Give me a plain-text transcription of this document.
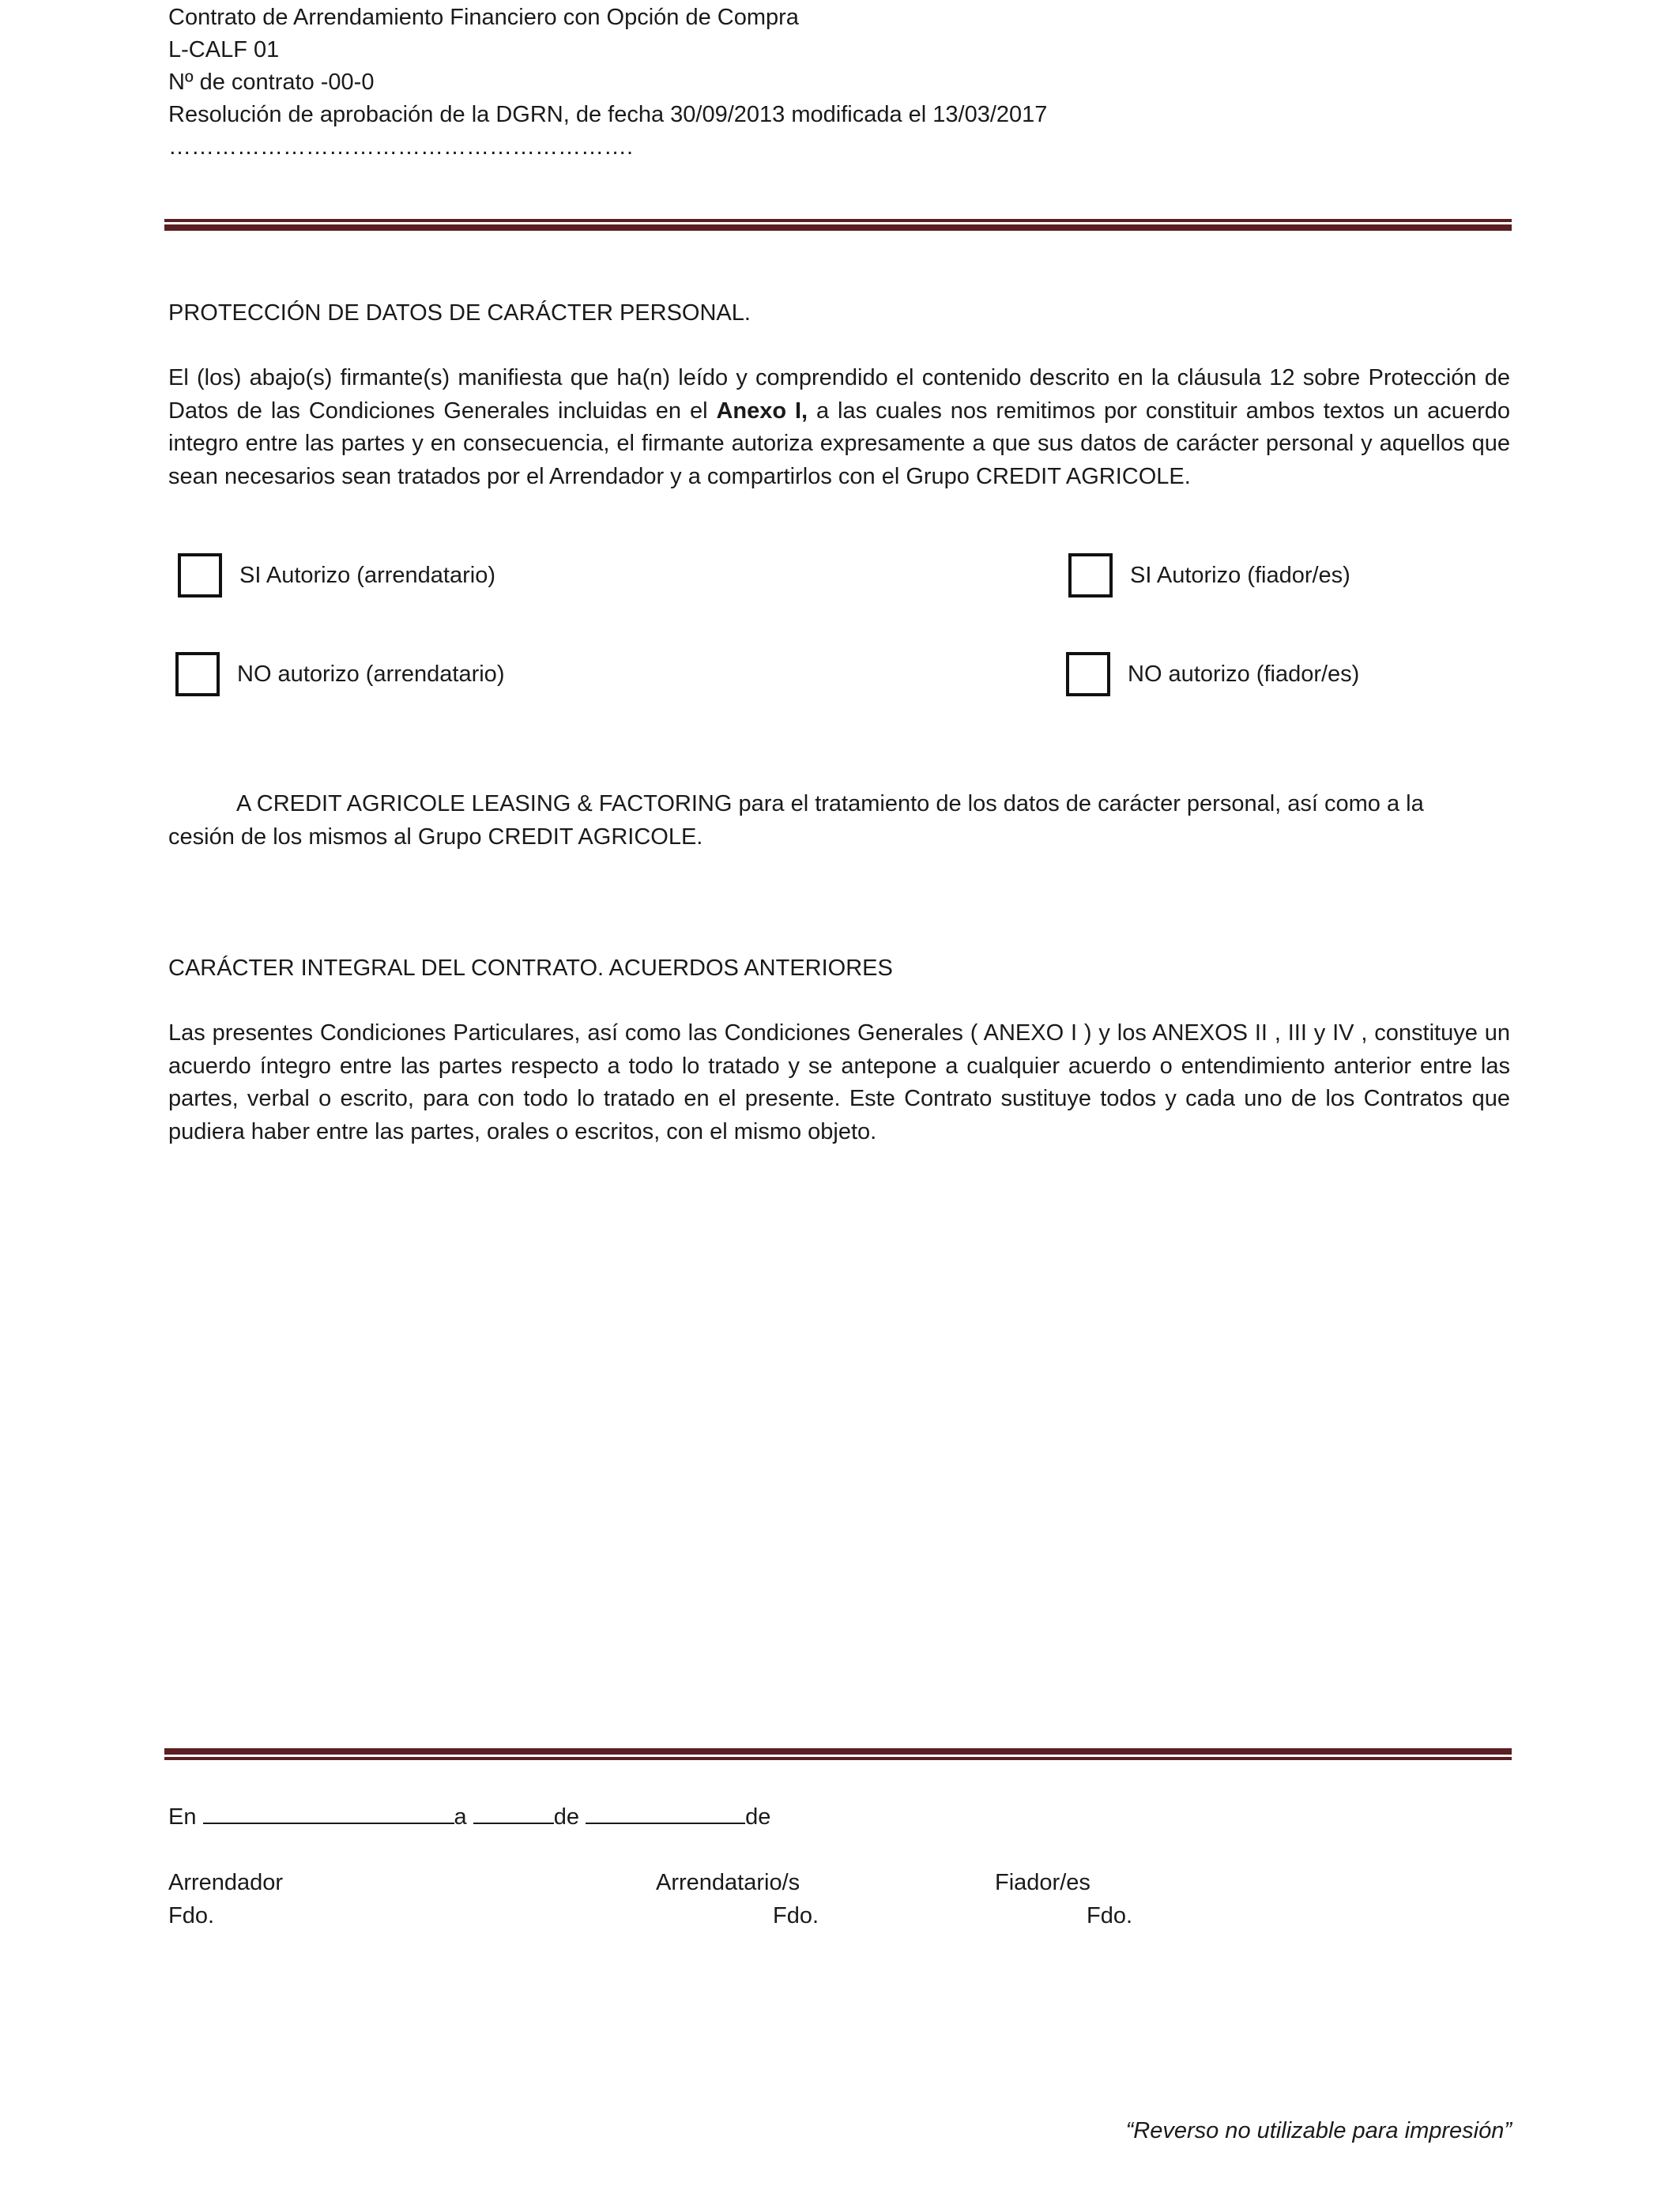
Contrato de Arrendamiento Financiero con Opción de Compra
L-CALF 01
Nº de contrato -00-0
Resolución de aprobación de la DGRN, de fecha 30/09/2013 modificada el 13/03/2017
…………………………………………………….
PROTECCIÓN DE DATOS DE CARÁCTER PERSONAL.
El (los) abajo(s) firmante(s) manifiesta que ha(n) leído y comprendido el contenido descrito en la cláusula 12 sobre Protección de Datos de las Condiciones Generales incluidas en el Anexo I, a las cuales nos remitimos por constituir ambos textos un acuerdo integro entre las partes y en consecuencia, el firmante autoriza expresamente a que sus datos de carácter personal y aquellos que sean necesarios sean tratados por el Arrendador y a compartirlos con el Grupo CREDIT AGRICOLE.
SI Autorizo (arrendatario)	SI Autorizo (fiador/es)
NO autorizo (arrendatario)	NO autorizo (fiador/es)
A CREDIT AGRICOLE LEASING & FACTORING para el tratamiento de los datos de carácter personal, así como a la
cesión de los mismos al Grupo CREDIT AGRICOLE.
CARÁCTER INTEGRAL DEL CONTRATO. ACUERDOS ANTERIORES
Las presentes Condiciones Particulares, así como las Condiciones Generales ( ANEXO I ) y los ANEXOS II , III y IV , constituye un acuerdo íntegro entre las partes respecto a todo lo tratado y se antepone a cualquier acuerdo o entendimiento anterior entre las partes, verbal o escrito, para con todo lo tratado en el presente. Este Contrato sustituye todos y cada uno de los Contratos que pudiera haber entre las partes, orales o escritos, con el mismo objeto.
En	a	de	de
Arrendador	Arrendatario/s	Fiador/es
Fdo.	Fdo.	Fdo.
“Reverso no utilizable para impresión”
